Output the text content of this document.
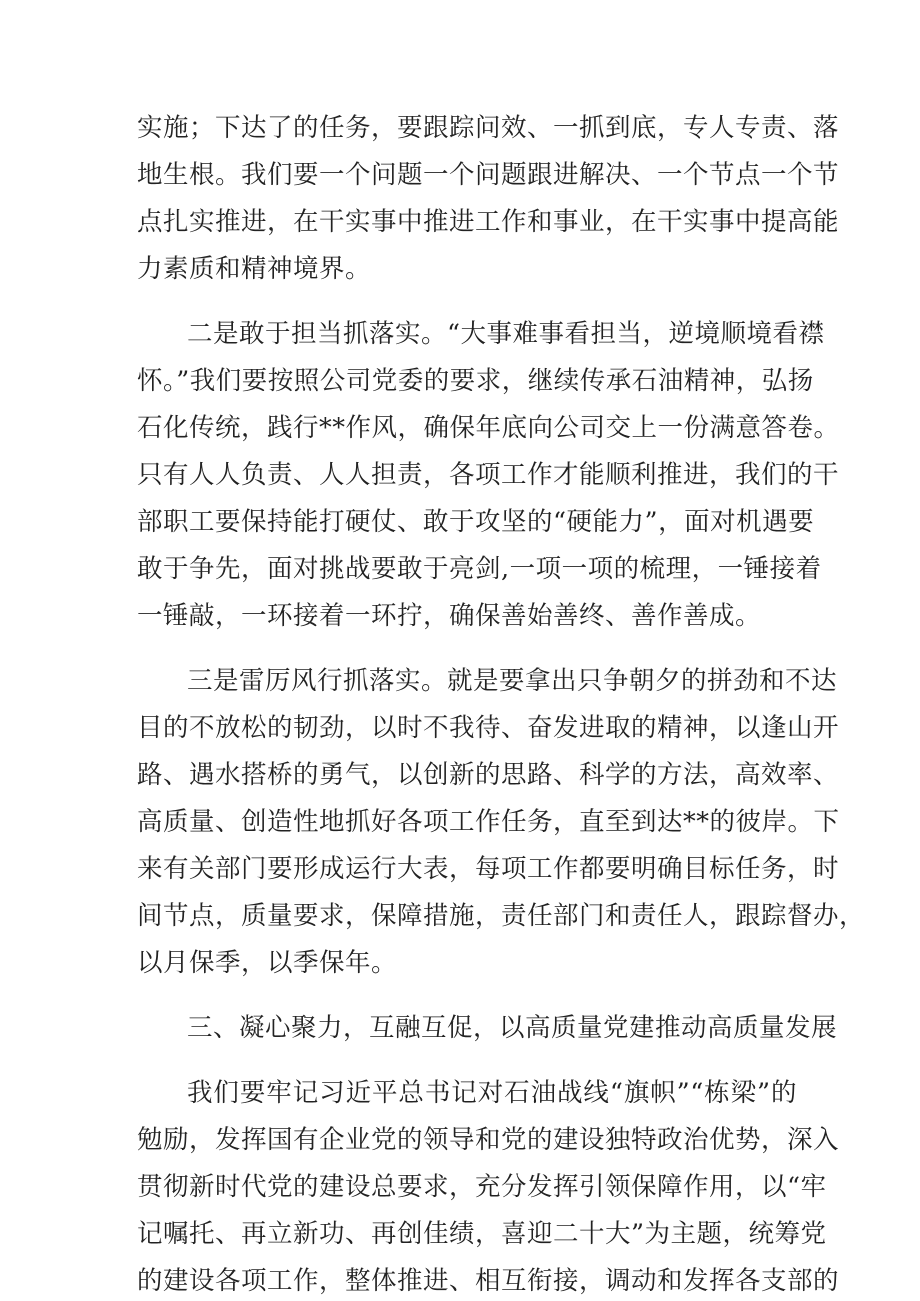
实施；下达了的任务，要跟踪问效、一抓到底，专人专责、落
地生根。我们要一个问题一个问题跟进解决、一个节点一个节
点扎实推进，在干实事中推进工作和事业，在干实事中提高能
力素质和精神境界。
二是敢于担当抓落实。“大事难事看担当，逆境顺境看襟
怀。”我们要按照公司党委的要求，继续传承石油精神，弘扬
石化传统，践行**作风，确保年底向公司交上一份满意答卷。
只有人人负责、人人担责，各项工作才能顺利推进，我们的干
部职工要保持能打硬仗、敢于攻坚的“硬能力”，面对机遇要
敢于争先，面对挑战要敢于亮剑,一项一项的梳理，一锤接着
一锤敲，一环接着一环拧，确保善始善终、善作善成。
三是雷厉风行抓落实。就是要拿出只争朝夕的拼劲和不达
目的不放松的韧劲，以时不我待、奋发进取的精神，以逢山开
路、遇水搭桥的勇气，以创新的思路、科学的方法，高效率、
高质量、创造性地抓好各项工作任务，直至到达**的彼岸。下
来有关部门要形成运行大表，每项工作都要明确目标任务，时
间节点，质量要求，保障措施，责任部门和责任人，跟踪督办，
以月保季，以季保年。
三、凝心聚力，互融互促，以高质量党建推动高质量发展
我们要牢记习近平总书记对石油战线“旗帜”“栋梁”的
勉励，发挥国有企业党的领导和党的建设独特政治优势，深入
贯彻新时代党的建设总要求，充分发挥引领保障作用，以“牢
记嘱托、再立新功、再创佳绩，喜迎二十大”为主题，统筹党
的建设各项工作，整体推进、相互衔接，调动和发挥各支部的
